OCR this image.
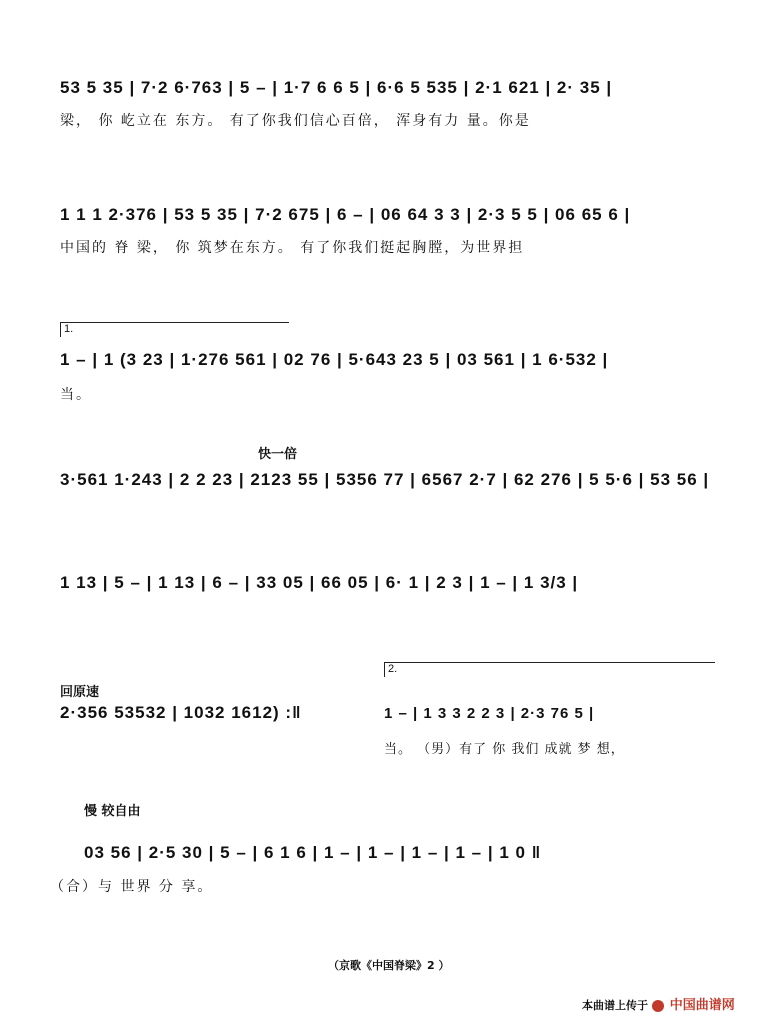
53 5 35 | 7·2 6·763 | 5 – | 1·7 6 6 5 | 6·6 5 535 | 2·1 621 | 2· 35 |
梁， 你 屹立在 东方。 有了你我们信心百倍， 浑身有力 量。你是
1 1 1 2·376 | 53 5 35 | 7·2 675 | 6 – | 06 64 3 3 | 2·3 5 5 | 06 65 6 |
中国的 脊 梁， 你 筑梦在东方。 有了你我们挺起胸膛，为世界担
1.
1 – | 1 (3 23 | 1·276 561 | 02 76 | 5·643 23 5 | 03 561 | 1 6·532 |
当。
快一倍
3·561 1·243 | 2 2 23 | 2123 55 | 5356 77 | 6567 2·7 | 62 276 | 5 5·6 | 53 56 |
1 13 | 5 – | 1 13 | 6 – | 33 05 | 66 05 | 6· 1 | 2 3 | 1 – | 1 3/3 |
回原速
2·356 53532 | 1032 1612) :‖
2.
1 – | 1 3 3 2 2 3 | 2·3 76 5 |
当。 （男）有了 你 我们 成就 梦 想，
慢 较自由
03 56 | 2·5 30 | 5 – | 6 1 6 | 1 – | 1 – | 1 – | 1 – | 1 0 ‖
（合）与 世界 分 享。
（京歌《中国脊梁》2 ）
本曲谱上传于 中国曲谱网
